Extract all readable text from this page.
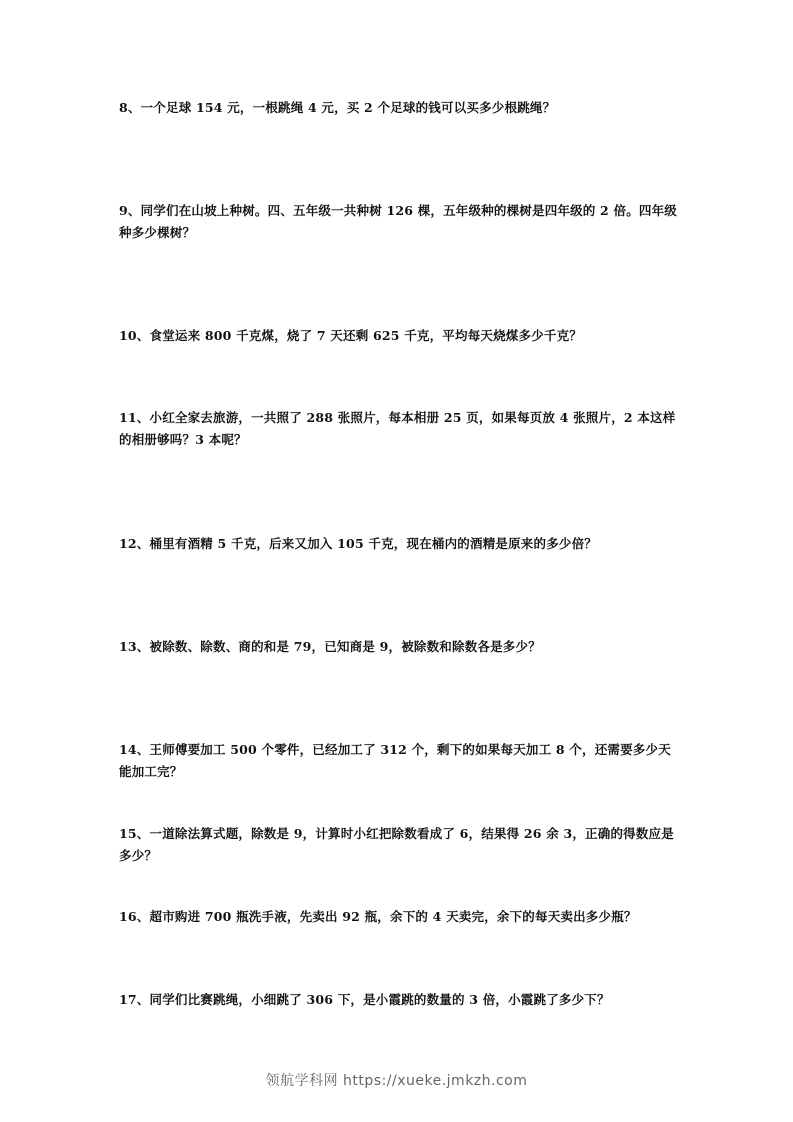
8、一个足球 154 元，一根跳绳 4 元，买 2 个足球的钱可以买多少根跳绳？

9、同学们在山坡上种树。四、五年级一共种树 126 棵，五年级种的棵树是四年级的 2 倍。四年级种多少棵树？

10、食堂运来 800 千克煤，烧了 7 天还剩 625 千克，平均每天烧煤多少千克？

11、小红全家去旅游，一共照了 288 张照片，每本相册 25 页，如果每页放 4 张照片，2 本这样的相册够吗？3 本呢？

12、桶里有酒精 5 千克，后来又加入 105 千克，现在桶内的酒精是原来的多少倍？

13、被除数、除数、商的和是 79，已知商是 9，被除数和除数各是多少？

14、王师傅要加工 500 个零件，已经加工了 312 个，剩下的如果每天加工 8 个，还需要多少天能加工完？

15、一道除法算式题，除数是 9，计算时小红把除数看成了 6，结果得 26 余 3，正确的得数应是多少？

16、超市购进 700 瓶洗手液，先卖出 92 瓶，余下的 4 天卖完，余下的每天卖出多少瓶？

17、同学们比赛跳绳，小细跳了 306 下，是小霞跳的数量的 3 倍，小霞跳了多少下？

领航学科网 https://xueke.jmkzh.com
